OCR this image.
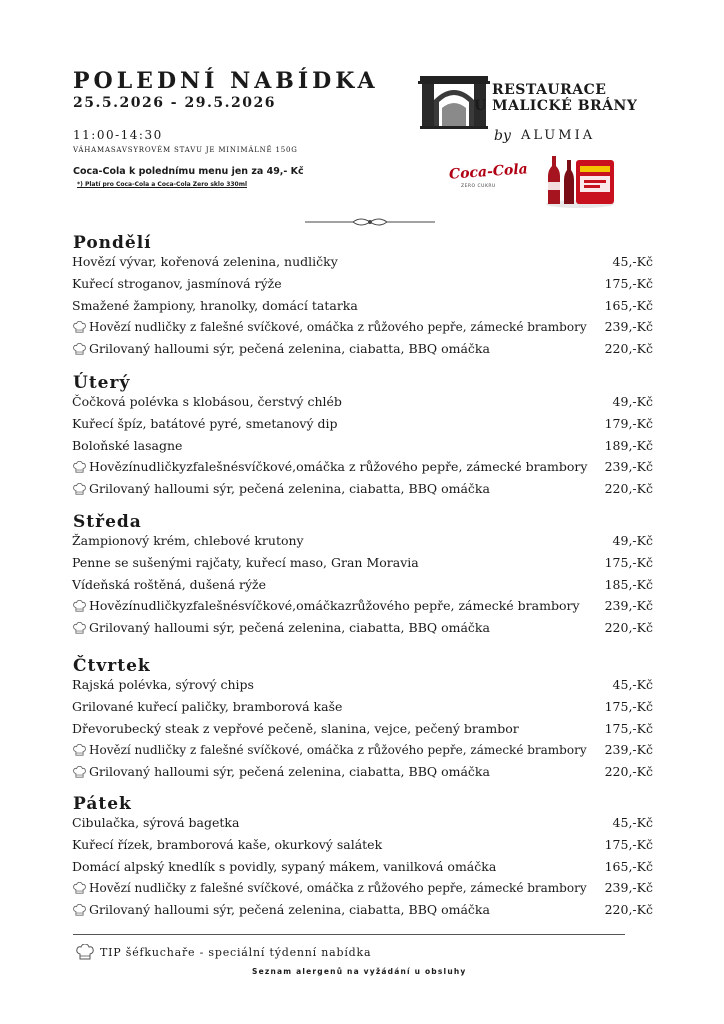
POLEDNÍ NABÍDKA
25.5.2026 - 29.5.2026
11:00-14:30
VÁHAMASAVSYROVÉM STAVU JE MINIMÁLNĚ 150G
Coca-Cola k polednímu menu jen za 49,- Kč
*) Platí pro Coca-Cola a Coca-Cola Zero sklo 330ml
RESTAURACE
U MALICKÉ BRÁNY
by ALUMIA
Coca-Cola
ZERO CUKRU
Pondělí
Hovězí vývar, kořenová zelenina, nudličky	45,-Kč
Kuřecí stroganov, jasmínová rýže	175,-Kč
Smažené žampiony, hranolky, domácí tatarka	165,-Kč
Hovězí nudličky z falešné svíčkové, omáčka z růžového pepře, zámecké brambory 239,-Kč
Grilovaný halloumi sýr, pečená zelenina, ciabatta, BBQ omáčka	220,-Kč
Úterý
Čočková polévka s klobásou, čerstvý chléb	49,-Kč
Kuřecí špíz, batátové pyré, smetanový dip	179,-Kč
Boloňské lasagne	189,-Kč
Hovězínudličkyzfalešnésvíčkové,omáčka z růžového pepře, zámecké brambory 239,-Kč
Grilovaný halloumi sýr, pečená zelenina, ciabatta, BBQ omáčka	220,-Kč
Středa
Žampionový krém, chlebové krutony	49,-Kč
Penne se sušenými rajčaty, kuřecí maso, Gran Moravia	175,-Kč
Vídeňská roštěná, dušená rýže	185,-Kč
Hovězínudličkyzfalešnésvíčkové,omáčkazrůžového pepře, zámecké brambory 239,-Kč
Grilovaný halloumi sýr, pečená zelenina, ciabatta, BBQ omáčka	220,-Kč
Čtvrtek
Rajská polévka, sýrový chips	45,-Kč
Grilované kuřecí paličky, bramborová kaše	175,-Kč
Dřevorubecký steak z vepřové pečeně, slanina, vejce, pečený brambor	175,-Kč
Hovězí nudličky z falešné svíčkové, omáčka z růžového pepře, zámecké brambory 239,-Kč
Grilovaný halloumi sýr, pečená zelenina, ciabatta, BBQ omáčka	220,-Kč
Pátek
Cibulačka, sýrová bagetka	45,-Kč
Kuřecí řízek, bramborová kaše, okurkový salátek	175,-Kč
Domácí alpský knedlík s povidly, sypaný mákem, vanilková omáčka	165,-Kč
Hovězí nudličky z falešné svíčkové, omáčka z růžového pepře, zámecké brambory 239,-Kč
Grilovaný halloumi sýr, pečená zelenina, ciabatta, BBQ omáčka	220,-Kč
TIP šéfkuchaře - speciální týdenní nabídka
Seznam alergenů na vyžádání u obsluhy
